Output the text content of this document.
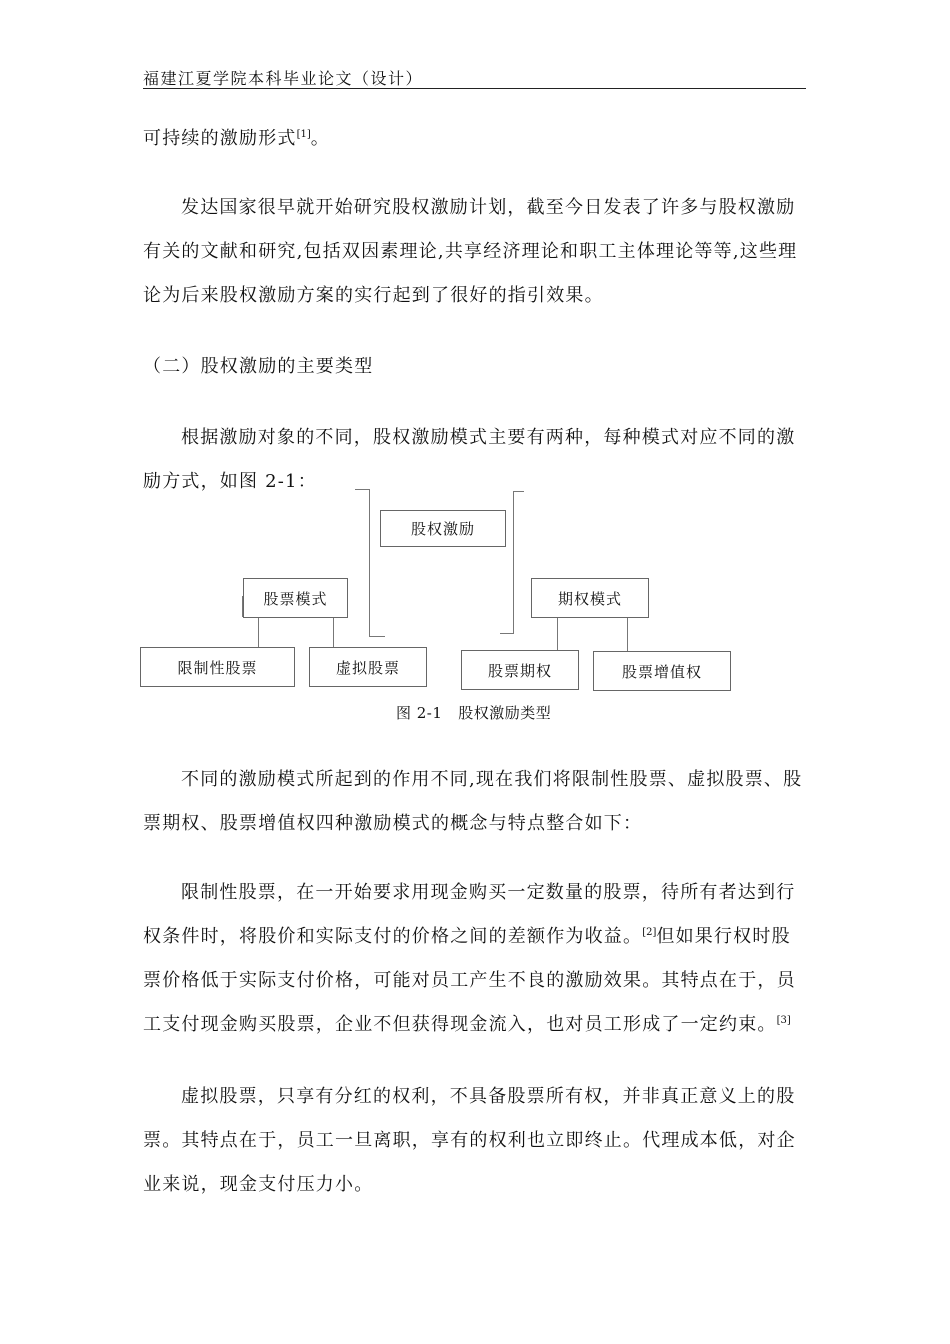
福建江夏学院本科毕业论文（设计）

可持续的激励形式[1]。

发达国家很早就开始研究股权激励计划，截至今日发表了许多与股权激励有关的文献和研究,包括双因素理论,共享经济理论和职工主体理论等等,这些理论为后来股权激励方案的实行起到了很好的指引效果。

（二）股权激励的主要类型

根据激励对象的不同，股权激励模式主要有两种，每种模式对应不同的激励方式，如图 2-1：

股权激励
股票模式	期权模式
限制性股票	虚拟股票	股票期权	股票增值权
图 2-1   股权激励类型

不同的激励模式所起到的作用不同,现在我们将限制性股票、虚拟股票、股票期权、股票增值权四种激励模式的概念与特点整合如下：

限制性股票，在一开始要求用现金购买一定数量的股票，待所有者达到行权条件时，将股价和实际支付的价格之间的差额作为收益。[2]但如果行权时股票价格低于实际支付价格，可能对员工产生不良的激励效果。其特点在于，员工支付现金购买股票，企业不但获得现金流入，也对员工形成了一定约束。[3]

虚拟股票，只享有分红的权利，不具备股票所有权，并非真正意义上的股票。其特点在于，员工一旦离职，享有的权利也立即终止。代理成本低，对企业来说，现金支付压力小。
